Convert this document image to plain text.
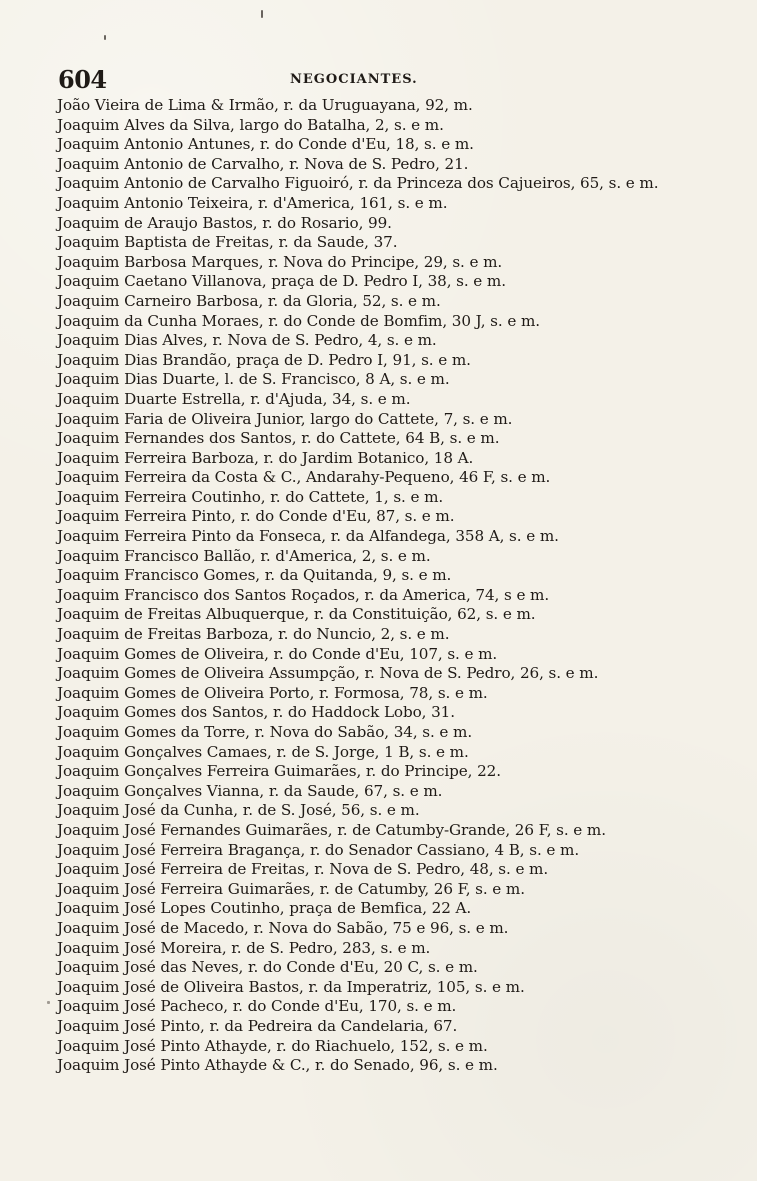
604	NEGOCIANTES.
João Vieira de Lima & Irmão, r. da Uruguayana, 92, m.
Joaquim Alves da Silva, largo do Batalha, 2, s. e m.
Joaquim Antonio Antunes, r. do Conde d'Eu, 18, s. e m.
Joaquim Antonio de Carvalho, r. Nova de S. Pedro, 21.
Joaquim Antonio de Carvalho Figuoiró, r. da Princeza dos Cajueiros, 65, s. e m.
Joaquim Antonio Teixeira, r. d'America, 161, s. e m.
Joaquim de Araujo Bastos, r. do Rosario, 99.
Joaquim Baptista de Freitas, r. da Saude, 37.
Joaquim Barbosa Marques, r. Nova do Principe, 29, s. e m.
Joaquim Caetano Villanova, praça de D. Pedro I, 38, s. e m.
Joaquim Carneiro Barbosa, r. da Gloria, 52, s. e m.
Joaquim da Cunha Moraes, r. do Conde de Bomfim, 30 J, s. e m.
Joaquim Dias Alves, r. Nova de S. Pedro, 4, s. e m.
Joaquim Dias Brandão, praça de D. Pedro I, 91, s. e m.
Joaquim Dias Duarte, l. de S. Francisco, 8 A, s. e m.
Joaquim Duarte Estrella, r. d'Ajuda, 34, s. e m.
Joaquim Faria de Oliveira Junior, largo do Cattete, 7, s. e m.
Joaquim Fernandes dos Santos, r. do Cattete, 64 B, s. e m.
Joaquim Ferreira Barboza, r. do Jardim Botanico, 18 A.
Joaquim Ferreira da Costa & C., Andarahy-Pequeno, 46 F, s. e m.
Joaquim Ferreira Coutinho, r. do Cattete, 1, s. e m.
Joaquim Ferreira Pinto, r. do Conde d'Eu, 87, s. e m.
Joaquim Ferreira Pinto da Fonseca, r. da Alfandega, 358 A, s. e m.
Joaquim Francisco Ballão, r. d'America, 2, s. e m.
Joaquim Francisco Gomes, r. da Quitanda, 9, s. e m.
Joaquim Francisco dos Santos Roçados, r. da America, 74, s e m.
Joaquim de Freitas Albuquerque, r. da Constituição, 62, s. e m.
Joaquim de Freitas Barboza, r. do Nuncio, 2, s. e m.
Joaquim Gomes de Oliveira, r. do Conde d'Eu, 107, s. e m.
Joaquim Gomes de Oliveira Assumpção, r. Nova de S. Pedro, 26, s. e m.
Joaquim Gomes de Oliveira Porto, r. Formosa, 78, s. e m.
Joaquim Gomes dos Santos, r. do Haddock Lobo, 31.
Joaquim Gomes da Torre, r. Nova do Sabão, 34, s. e m.
Joaquim Gonçalves Camaes, r. de S. Jorge, 1 B, s. e m.
Joaquim Gonçalves Ferreira Guimarães, r. do Principe, 22.
Joaquim Gonçalves Vianna, r. da Saude, 67, s. e m.
Joaquim José da Cunha, r. de S. José, 56, s. e m.
Joaquim José Fernandes Guimarães, r. de Catumby-Grande, 26 F, s. e m.
Joaquim José Ferreira Bragança, r. do Senador Cassiano, 4 B, s. e m.
Joaquim José Ferreira de Freitas, r. Nova de S. Pedro, 48, s. e m.
Joaquim José Ferreira Guimarães, r. de Catumby, 26 F, s. e m.
Joaquim José Lopes Coutinho, praça de Bemfica, 22 A.
Joaquim José de Macedo, r. Nova do Sabão, 75 e 96, s. e m.
Joaquim José Moreira, r. de S. Pedro, 283, s. e m.
Joaquim José das Neves, r. do Conde d'Eu, 20 C, s. e m.
Joaquim José de Oliveira Bastos, r. da Imperatriz, 105, s. e m.
Joaquim José Pacheco, r. do Conde d'Eu, 170, s. e m.
Joaquim José Pinto, r. da Pedreira da Candelaria, 67.
Joaquim José Pinto Athayde, r. do Riachuelo, 152, s. e m.
Joaquim José Pinto Athayde & C., r. do Senado, 96, s. e m.
